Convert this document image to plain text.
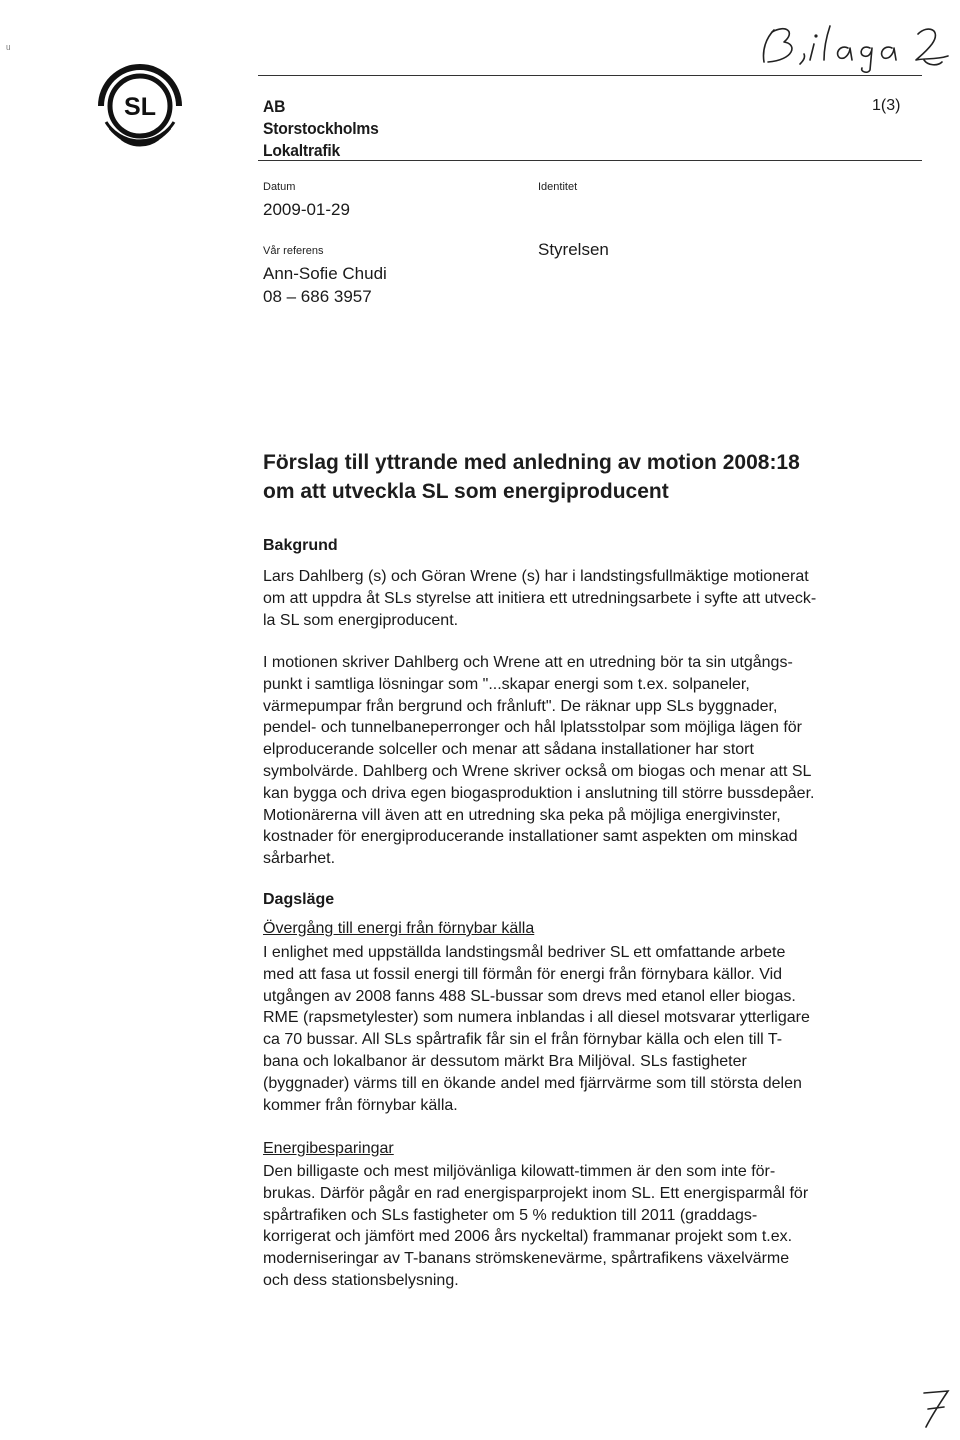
ᵤ
SL	AB
Storstockholms
Lokaltrafik
1(3)
Datum
2009-01-29
Identitet
Vår referens
Ann-Sofie Chudi
08 – 686 3957
Styrelsen
Förslag till yttrande med anledning av motion 2008:18
om att utveckla SL som energiproducent
Bakgrund

Lars Dahlberg (s) och Göran Wrene (s) har i landstingsfullmäktige motionerat

om att uppdra åt SLs styrelse att initiera ett utredningsarbete i syfte att utveck-

la SL som energiproducent.

I motionen skriver Dahlberg och Wrene att en utredning bör ta sin utgångs-

punkt i samtliga lösningar som "...skapar energi som t.ex. solpaneler,

värmepumpar från bergrund och frånluft". De räknar upp SLs byggnader,

pendel- och tunnelbaneperronger och hål lplatsstolpar som möjliga lägen för

elproducerande solceller och menar att sådana installationer har stort

symbolvärde. Dahlberg och Wrene skriver också om biogas och menar att SL

kan bygga och driva egen biogasproduktion i anslutning till större bussdepåer.

Motionärerna vill även att en utredning ska peka på möjliga energivinster,

kostnader för energiproducerande installationer samt aspekten om minskad

sårbarhet.

Dagsläge
Övergång till energi från förnybar källa

I enlighet med uppställda landstingsmål bedriver SL ett omfattande arbete

med att fasa ut fossil energi till förmån för energi från förnybara källor. Vid

utgången av 2008 fanns 488 SL-bussar som drevs med etanol eller biogas.

RME (rapsmetylester) som numera inblandas i all diesel motsvarar ytterligare

ca 70 bussar. All SLs spårtrafik får sin el från förnybar källa och elen till T-

bana och lokalbanor är dessutom märkt Bra Miljöval. SLs fastigheter

(byggnader) värms till en ökande andel med fjärrvärme som till största delen

kommer från förnybar källa.

Energibesparingar

Den billigaste och mest miljövänliga kilowatt-timmen är den som inte för-

brukas. Därför pågår en rad energisparprojekt inom SL. Ett energisparmål för

spårtrafiken och SLs fastigheter om 5 % reduktion till 2011 (graddags-

korrigerat och jämfört med 2006 års nyckeltal) frammanar projekt som t.ex.

moderniseringar av T-banans strömskenevärme, spårtrafikens växelvärme

och dess stationsbelysning.
